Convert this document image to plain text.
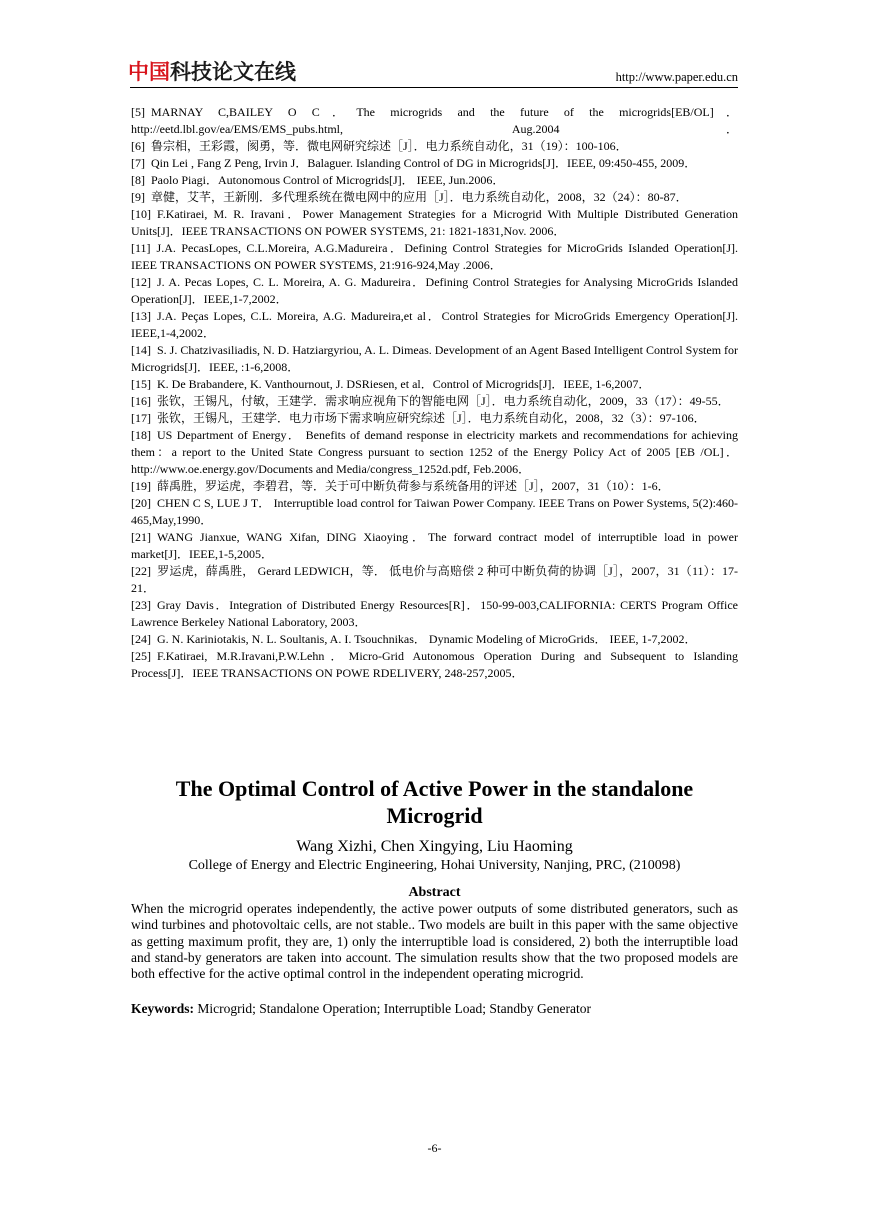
中国科技论文在线	http://www.paper.edu.cn

[5]  MARNAY C,BAILEY O C．The microgrids and the future of the microgrids[EB/OL]．http://eetd.lbl.gov/ea/EMS/EMS_pubs.html, Aug.2004．

[6]  鲁宗相，王彩霞，阂勇，等．微电网研究综述［J］．电力系统自动化，31（19）：100-106．

[7]  Qin Lei , Fang Z Peng, Irvin J．Balaguer. Islanding Control of DG in Microgrids[J]．IEEE, 09:450-455, 2009．

[8]  Paolo Piagi．Autonomous Control of Microgrids[J]． IEEE, Jun.2006．

[9]  章健，艾芊，王新刚．多代理系统在微电网中的应用［J］．电力系统自动化，2008，32（24）：80-87．

[10]  F.Katiraei, M. R. Iravani．Power Management Strategies for a Microgrid With Multiple Distributed Generation Units[J]．IEEE TRANSACTIONS ON POWER SYSTEMS, 21: 1821-1831,Nov. 2006．

[11]  J.A. PecasLopes, C.L.Moreira, A.G.Madureira．Defining Control Strategies for MicroGrids Islanded Operation[J]. IEEE TRANSACTIONS ON POWER SYSTEMS, 21:916-924,May .2006．

[12]  J. A. Pecas Lopes, C. L. Moreira, A. G. Madureira．Defining Control Strategies for Analysing MicroGrids Islanded Operation[J]．IEEE,1-7,2002．

[13]  J.A. Peças Lopes, C.L. Moreira, A.G. Madureira,et al．Control Strategies for MicroGrids Emergency Operation[J]. IEEE,1-4,2002．

[14]  S. J. Chatzivasiliadis, N. D. Hatziargyriou, A. L. Dimeas. Development of an Agent Based Intelligent Control System for Microgrids[J]．IEEE, :1-6,2008．

[15]  K. De Brabandere, K. Vanthournout, J. DSRiesen, et al．Control of Microgrids[J]．IEEE, 1-6,2007．

[16]  张钦，王锡凡，付敏，王建学．需求响应视角下的智能电网［J］．电力系统自动化，2009，33（17）：49-55．

[17]  张钦，王锡凡，王建学．电力市场下需求响应研究综述［J］．电力系统自动化，2008，32（3）：97-106．

[18]  US Department of Energy． Benefits of demand response in electricity markets and recommendations for achieving them：a report to the United State Congress pursuant to section 1252 of the Energy Policy Act of 2005 [EB /OL]．http://www.oe.energy.gov/Documents and Media/congress_1252d.pdf, Feb.2006．

[19]  薛禹胜，罗运虎，李碧君，等．关于可中断负荷参与系统备用的评述［J］，2007，31（10）：1-6．

[20]  CHEN C S, LUE J T． Interruptible load control for Taiwan Power Company. IEEE Trans on Power Systems, 5(2):460-465,May,1990．

[21]  WANG Jianxue, WANG Xifan, DING Xiaoying．The forward contract model of interruptible load in power market[J]．IEEE,1-5,2005．

[22]  罗运虎，薛禹胜， Gerard LEDWICH，等． 低电价与高赔偿 2 种可中断负荷的协调［J］，2007，31（11）：17-21．

[23]  Gray Davis．Integration of Distributed Energy Resources[R]．150-99-003,CALIFORNIA: CERTS Program Office Lawrence Berkeley National Laboratory, 2003．

[24]  G. N. Kariniotakis, N. L. Soultanis, A. I. Tsouchnikas． Dynamic Modeling of MicroGrids． IEEE, 1-7,2002．

[25]  F.Katiraei, M.R.Iravani,P.W.Lehn．Micro-Grid Autonomous Operation During and Subsequent to Islanding Process[J]．IEEE TRANSACTIONS ON POWE RDELIVERY, 248-257,2005．

The Optimal Control of Active Power in the standalone
Microgrid
Wang Xizhi, Chen Xingying, Liu Haoming
College of Energy and Electric Engineering, Hohai University, Nanjing, PRC, (210098)
Abstract

When the microgrid operates independently, the active power outputs of some distributed generators, such as wind turbines and photovoltaic cells, are not stable.. Two models are built in this paper with the same objective as getting maximum profit, they are, 1) only the interruptible load is considered, 2) both the interruptible load and stand-by generators are taken into account. The simulation results show that the two proposed models are both effective for the active optimal control in the independent operating microgrid.

Keywords: Microgrid; Standalone Operation; Interruptible Load; Standby Generator

-6-
